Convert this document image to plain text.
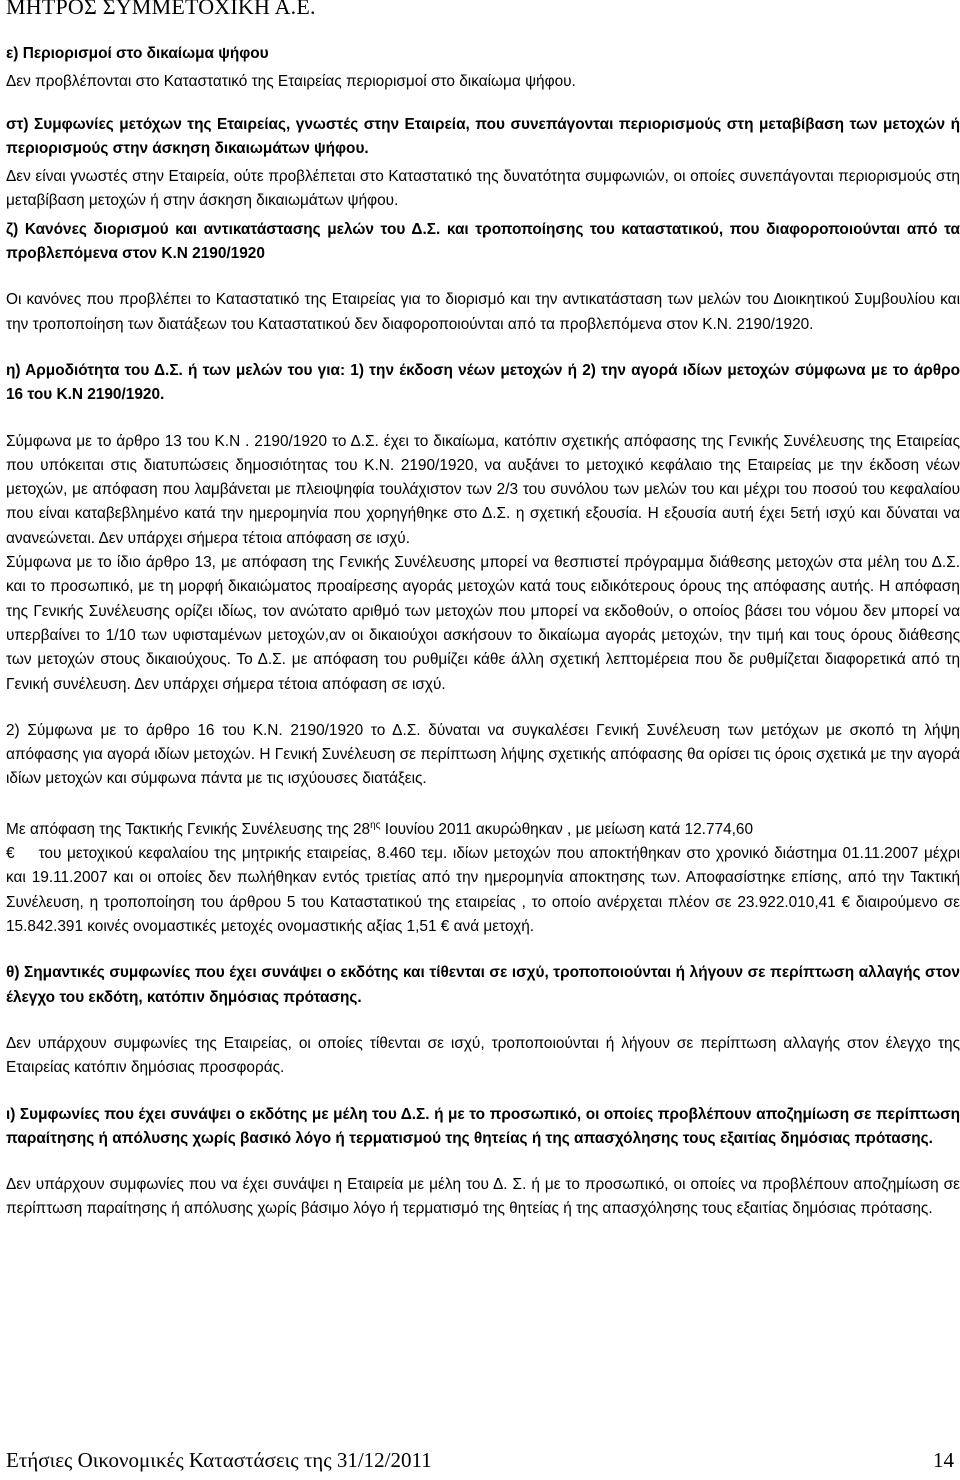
ΜΗΤΡΟΣ ΣΥΜΜΕΤΟΧΙΚΗ Α.Ε.

ε) Περιορισμοί στο δικαίωμα ψήφου

Δεν προβλέπονται στο Καταστατικό της Εταιρείας περιορισμοί στο δικαίωμα ψήφου.

στ) Συμφωνίες μετόχων της Εταιρείας, γνωστές στην Εταιρεία, που συνεπάγονται περιορισμούς στη μεταβίβαση των μετοχών ή περιορισμούς στην άσκηση δικαιωμάτων ψήφου.

Δεν είναι γνωστές στην Εταιρεία, ούτε προβλέπεται στο Καταστατικό της δυνατότητα συμφωνιών, οι οποίες συνεπάγονται περιορισμούς στη μεταβίβαση μετοχών ή στην άσκηση δικαιωμάτων ψήφου.

ζ) Κανόνες διορισμού και αντικατάστασης μελών του Δ.Σ. και τροποποίησης του καταστατικού, που διαφοροποιούνται από τα προβλεπόμενα στον Κ.Ν 2190/1920

Οι κανόνες που προβλέπει το Καταστατικό της Εταιρείας για το διορισμό και την αντικατάσταση των μελών του Διοικητικού Συμβουλίου και την τροποποίηση των διατάξεων του Καταστατικού δεν διαφοροποιούνται από τα προβλεπόμενα στον Κ.Ν. 2190/1920.

η) Αρμοδιότητα του Δ.Σ. ή των μελών του για: 1) την έκδοση νέων μετοχών ή 2) την αγορά ιδίων μετοχών σύμφωνα με το άρθρο 16 του Κ.Ν 2190/1920.

Σύμφωνα με το άρθρο 13 του Κ.Ν . 2190/1920 το Δ.Σ. έχει το δικαίωμα, κατόπιν σχετικής απόφασης της Γενικής Συνέλευσης της Εταιρείας που υπόκειται στις διατυπώσεις δημοσιότητας του Κ.Ν. 2190/1920, να αυξάνει το μετοχικό κεφάλαιο της Εταιρείας με την έκδοση νέων μετοχών, με απόφαση που λαμβάνεται με πλειοψηφία τουλάχιστον των 2/3 του συνόλου των μελών του και μέχρι του ποσού του κεφαλαίου που είναι καταβεβλημένο κατά την ημερομηνία που χορηγήθηκε στο Δ.Σ. η σχετική εξουσία. Η εξουσία αυτή έχει 5ετή ισχύ και δύναται να ανανεώνεται. Δεν υπάρχει σήμερα τέτοια απόφαση σε ισχύ.

Σύμφωνα με το ίδιο άρθρο 13, με απόφαση της Γενικής Συνέλευσης μπορεί να θεσπιστεί πρόγραμμα διάθεσης μετοχών στα μέλη του Δ.Σ. και το προσωπικό, με τη μορφή δικαιώματος προαίρεσης αγοράς μετοχών κατά τους ειδικότερους όρους της απόφασης αυτής. Η απόφαση της Γενικής Συνέλευσης ορίζει ιδίως, τον ανώτατο αριθμό των μετοχών που μπορεί να εκδοθούν, ο οποίος βάσει του νόμου δεν μπορεί να υπερβαίνει το 1/10 των υφισταμένων μετοχών,αν οι δικαιούχοι ασκήσουν τo δικαίωμα αγοράς μετοχών, την τιμή και τους όρους διάθεσης των μετοχών στους δικαιούχους. Το Δ.Σ. με απόφαση του ρυθμίζει κάθε άλλη σχετική λεπτομέρεια που δε ρυθμίζεται διαφορετικά από τη Γενική συνέλευση. Δεν υπάρχει σήμερα τέτοια απόφαση σε ισχύ.

2) Σύμφωνα με το άρθρο 16 του Κ.Ν. 2190/1920 το Δ.Σ. δύναται να συγκαλέσει Γενική Συνέλευση των μετόχων με σκοπό τη λήψη απόφασης για αγορά ιδίων μετοχών. Η Γενική Συνέλευση σε περίπτωση λήψης σχετικής απόφασης θα ορίσει τις όροις σχετικά με την αγορά ιδίων μετοχών και σύμφωνα πάντα με τις ισχύουσες διατάξεις.

Με απόφαση της Τακτικής Γενικής Συνέλευσης της $28^{\eta\varsigma}$ Ιουνίου 2011 ακυρώθηκαν , με μείωση κατά 12.774,60
€ του μετοχικού κεφαλαίου της μητρικής εταιρείας, 8.460 τεμ. ιδίων μετοχών που αποκτήθηκαν στο χρονικό διάστημα 01.11.2007 μέχρι και 19.11.2007 και οι οποίες δεν πωλήθηκαν εντός τριετίας από την ημερομηνία αποκτησης των. Αποφασίστηκε επίσης, από την Τακτική Συνέλευση, η τροποποίηση του άρθρου 5 του Καταστατικού της εταιρείας , το οποίο ανέρχεται πλέον σε 23.922.010,41 € διαιρούμενο σε 15.842.391 κοινές ονομαστικές μετοχές ονομαστικής αξίας 1,51 € ανά μετοχή.

θ) Σημαντικές συμφωνίες που έχει συνάψει ο εκδότης και τίθενται σε ισχύ, τροποποιούνται ή λήγουν σε περίπτωση αλλαγής στον έλεγχο του εκδότη, κατόπιν δημόσιας πρότασης.

Δεν υπάρχουν συμφωνίες της Εταιρείας, οι οποίες τίθενται σε ισχύ, τροποποιούνται ή λήγουν σε περίπτωση αλλαγής στον έλεγχο της Εταιρείας κατόπιν δημόσιας προσφοράς.

ι) Συμφωνίες που έχει συνάψει ο εκδότης με μέλη του Δ.Σ. ή με το προσωπικό, οι οποίες προβλέπουν αποζημίωση σε περίπτωση παραίτησης ή απόλυσης χωρίς βασικό λόγο ή τερματισμού της θητείας ή της απασχόλησης τους εξαιτίας δημόσιας πρότασης.

Δεν υπάρχουν συμφωνίες που να έχει συνάψει η Εταιρεία με μέλη του Δ. Σ. ή με το προσωπικό, οι οποίες να προβλέπουν αποζημίωση σε περίπτωση παραίτησης ή απόλυσης χωρίς βάσιμο λόγο ή τερματισμό της θητείας ή της απασχόλησης τους εξαιτίας δημόσιας πρότασης.

Ετήσιες Οικονομικές Καταστάσεις της 31/12/2011	14
